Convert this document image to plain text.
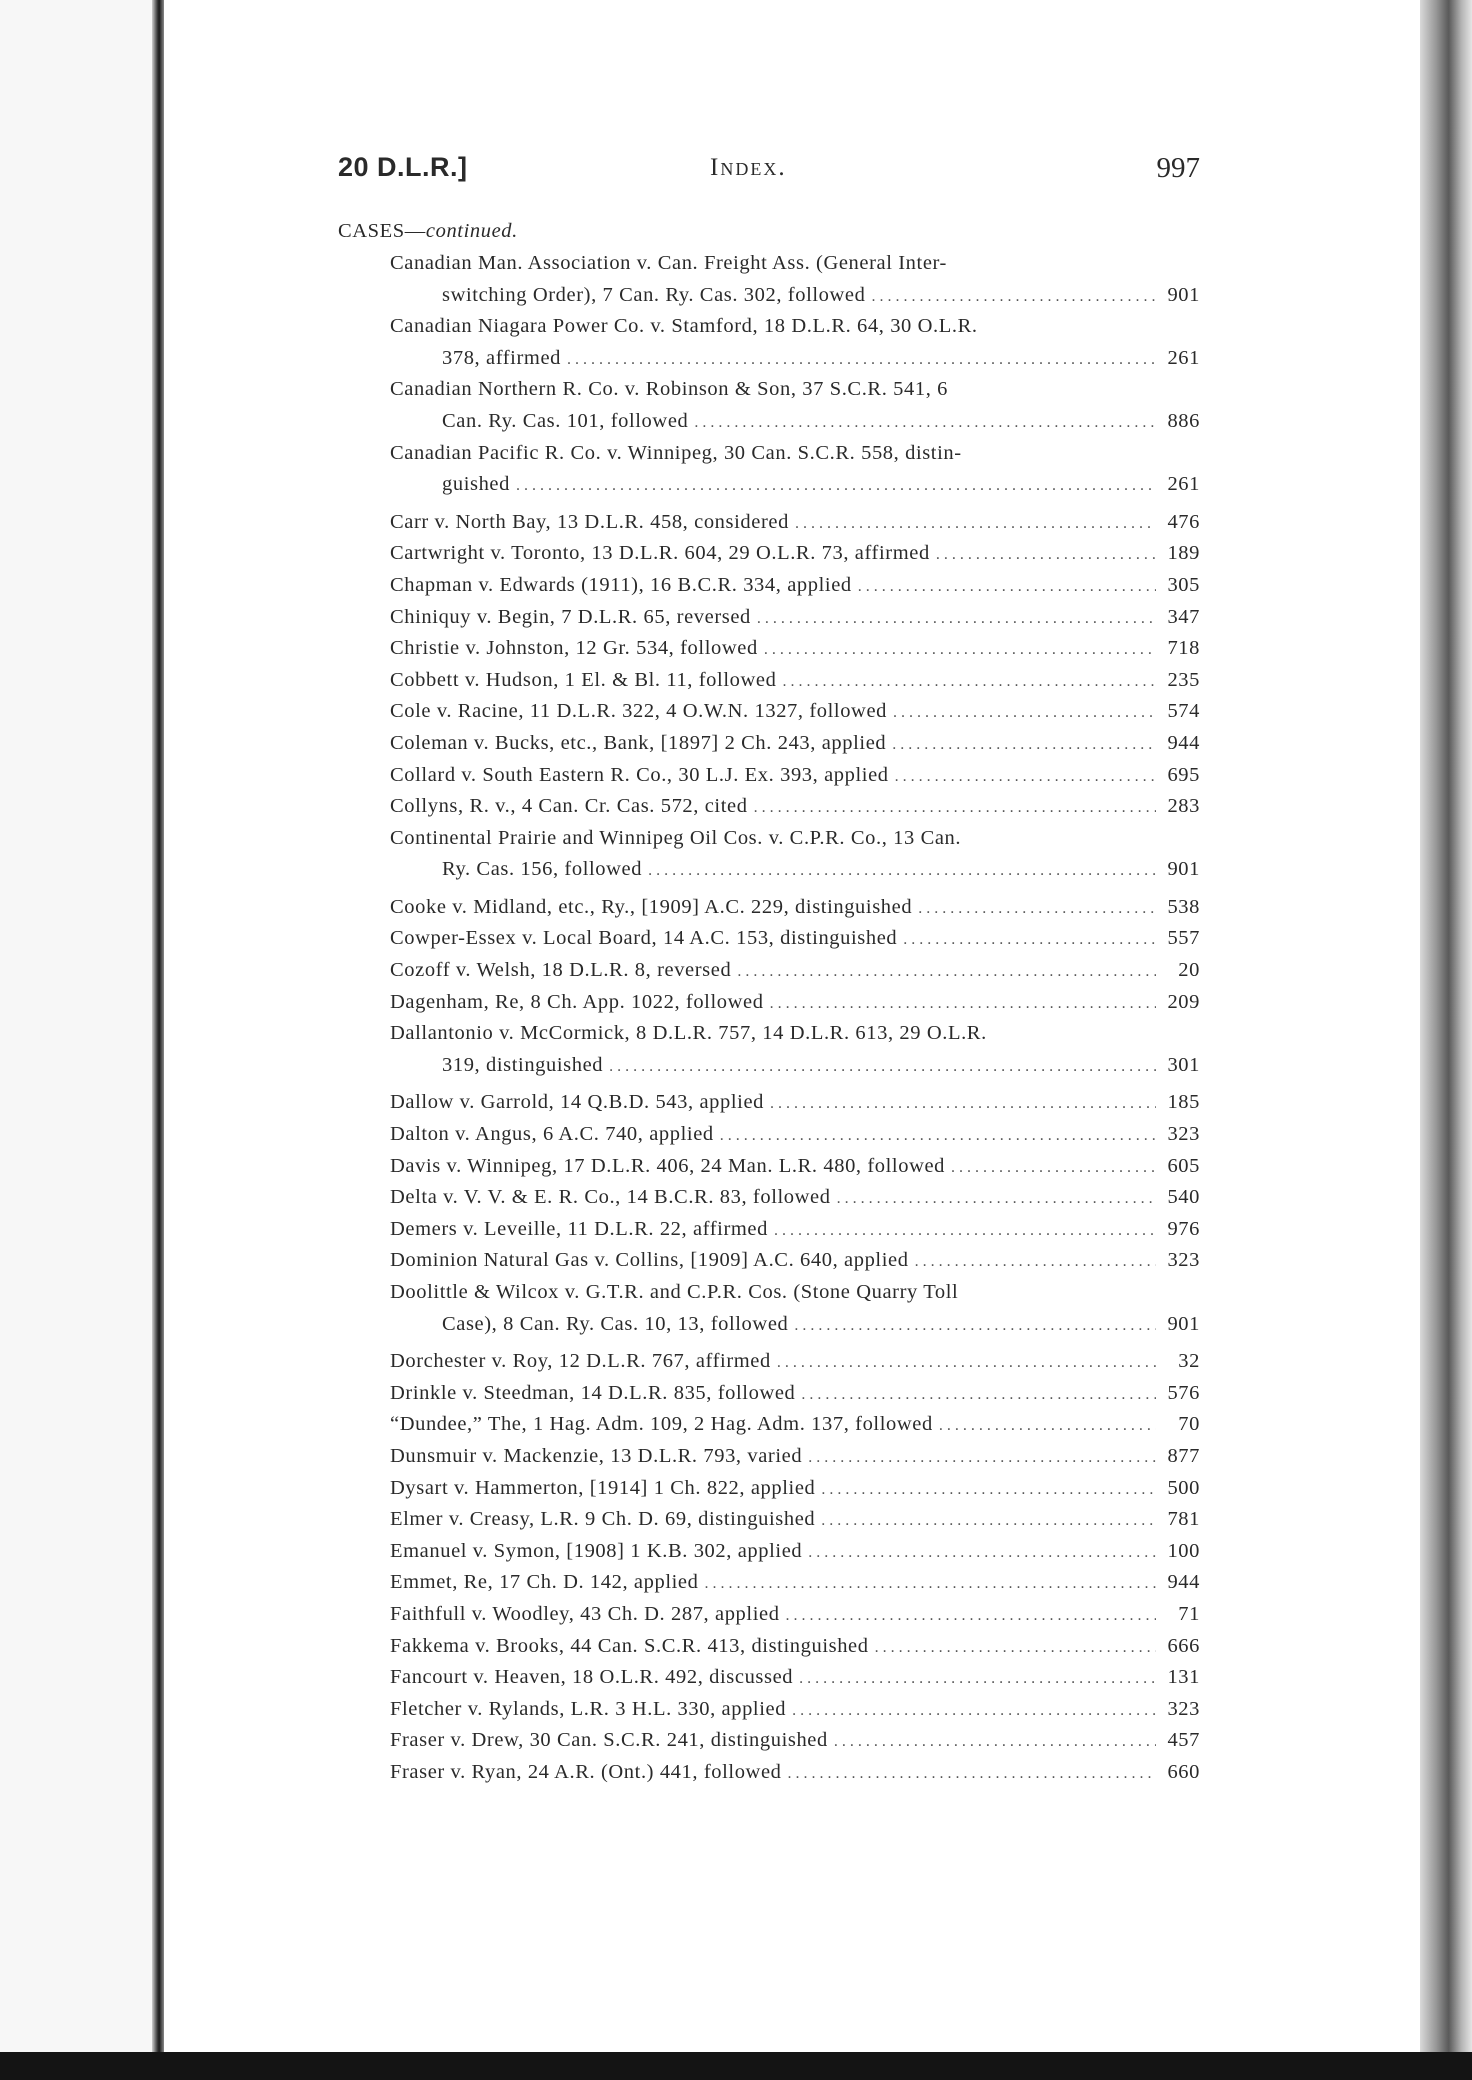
20 D.L.R.]	Index.	997
CASES—continued.
Canadian Man. Association v. Can. Freight Ass. (General Inter-
switching Order), 7 Can. Ry. Cas. 302, followed . . .	901
Canadian Niagara Power Co. v. Stamford, 18 D.L.R. 64, 30 O.L.R.
378, affirmed . . .	261
Canadian Northern R. Co. v. Robinson & Son, 37 S.C.R. 541, 6
Can. Ry. Cas. 101, followed . . .	886
Canadian Pacific R. Co. v. Winnipeg, 30 Can. S.C.R. 558, distin-
guished . . .	261
Carr v. North Bay, 13 D.L.R. 458, considered . . .	476
Cartwright v. Toronto, 13 D.L.R. 604, 29 O.L.R. 73, affirmed . . .	189
Chapman v. Edwards (1911), 16 B.C.R. 334, applied . . .	305
Chiniquy v. Begin, 7 D.L.R. 65, reversed . . .	347
Christie v. Johnston, 12 Gr. 534, followed . . .	718
Cobbett v. Hudson, 1 El. & Bl. 11, followed . . .	235
Cole v. Racine, 11 D.L.R. 322, 4 O.W.N. 1327, followed . . .	574
Coleman v. Bucks, etc., Bank, [1897] 2 Ch. 243, applied . . .	944
Collard v. South Eastern R. Co., 30 L.J. Ex. 393, applied . . .	695
Collyns, R. v., 4 Can. Cr. Cas. 572, cited . . .	283
Continental Prairie and Winnipeg Oil Cos. v. C.P.R. Co., 13 Can.
Ry. Cas. 156, followed . . .	901
Cooke v. Midland, etc., Ry., [1909] A.C. 229, distinguished . . .	538
Cowper-Essex v. Local Board, 14 A.C. 153, distinguished . . .	557
Cozoff v. Welsh, 18 D.L.R. 8, reversed . . .	20
Dagenham, Re, 8 Ch. App. 1022, followed . . .	209
Dallantonio v. McCormick, 8 D.L.R. 757, 14 D.L.R. 613, 29 O.L.R.
319, distinguished . . .	301
Dallow v. Garrold, 14 Q.B.D. 543, applied . . .	185
Dalton v. Angus, 6 A.C. 740, applied . . .	323
Davis v. Winnipeg, 17 D.L.R. 406, 24 Man. L.R. 480, followed . . .	605
Delta v. V. V. & E. R. Co., 14 B.C.R. 83, followed . . .	540
Demers v. Leveille, 11 D.L.R. 22, affirmed . . .	976
Dominion Natural Gas v. Collins, [1909] A.C. 640, applied . . .	323
Doolittle & Wilcox v. G.T.R. and C.P.R. Cos. (Stone Quarry Toll
Case), 8 Can. Ry. Cas. 10, 13, followed . . .	901
Dorchester v. Roy, 12 D.L.R. 767, affirmed . . .	32
Drinkle v. Steedman, 14 D.L.R. 835, followed . . .	576
“Dundee,” The, 1 Hag. Adm. 109, 2 Hag. Adm. 137, followed . . .	70
Dunsmuir v. Mackenzie, 13 D.L.R. 793, varied . . .	877
Dysart v. Hammerton, [1914] 1 Ch. 822, applied . . .	500
Elmer v. Creasy, L.R. 9 Ch. D. 69, distinguished . . .	781
Emanuel v. Symon, [1908] 1 K.B. 302, applied . . .	100
Emmet, Re, 17 Ch. D. 142, applied . . .	944
Faithfull v. Woodley, 43 Ch. D. 287, applied . . .	71
Fakkema v. Brooks, 44 Can. S.C.R. 413, distinguished . . .	666
Fancourt v. Heaven, 18 O.L.R. 492, discussed . . .	131
Fletcher v. Rylands, L.R. 3 H.L. 330, applied . . .	323
Fraser v. Drew, 30 Can. S.C.R. 241, distinguished . . .	457
Fraser v. Ryan, 24 A.R. (Ont.) 441, followed . . .	660
